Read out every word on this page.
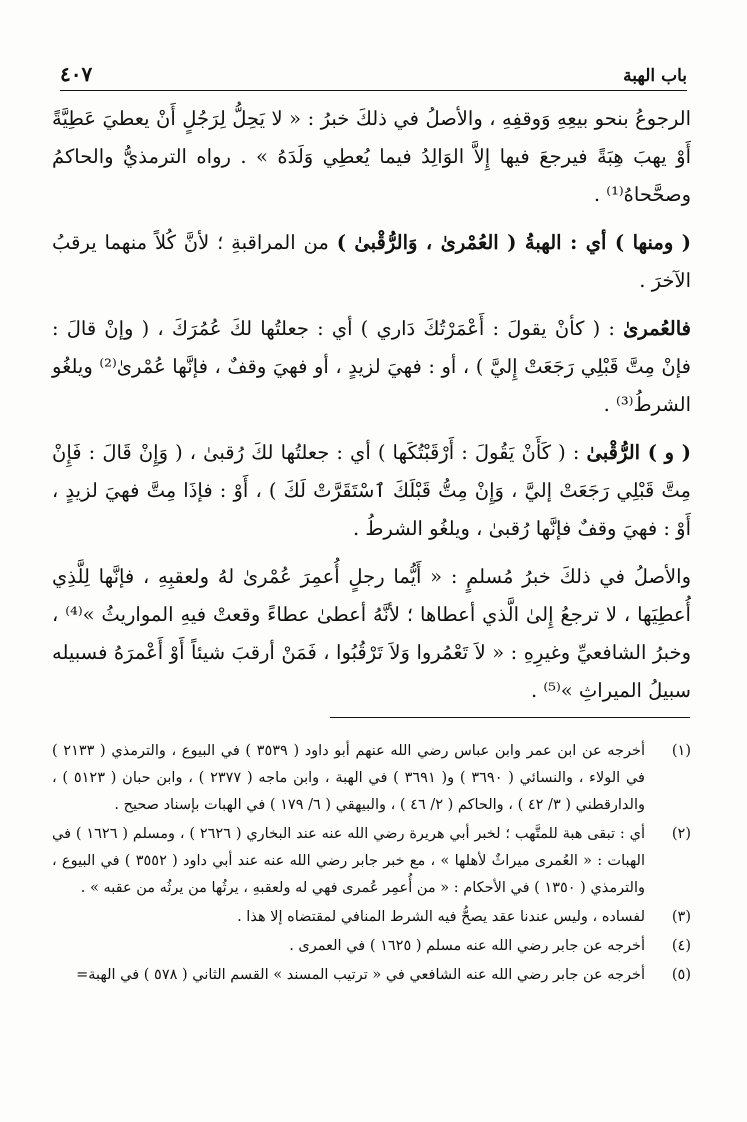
باب الهبة
٤٠٧

الرجوعُ بنحو بيعِهِ وَوقفِهِ ، والأصلُ في ذلكَ خبرُ : « لا يَحِلُّ لِرَجُلٍ أَنْ يعطيَ عَطِيَّةً أَوْ يهبَ هِبَةً فيرجعَ فيها إِلاَّ الوَالِدُ فيما يُعطِي وَلَدَهُ » . رواه الترمذيُّ والحاكمُ وصحَّحاهُ⁽¹⁾ .

( ومنها ) أي : الهبةُ ( العُمْرىٰ ، وَالرُّقْبىٰ ) من المراقبةِ ؛ لأنَّ كُلاً منهما يرقبُ الآخرَ .

فالعُمرىٰ : ( كأنْ يقولَ : أَعْمَرْتُكَ دَاري ) أي : جعلتُها لكَ عُمُرَكَ ، ( وإنْ قالَ : فإنْ مِتَّ قَبْلِي رَجَعَتْ إِليَّ ) ، أو : فهيَ لزيدٍ ، أو فهيَ وقفٌ ، فإنَّها عُمْرىٰ⁽²⁾ ويلغُو الشرطُ⁽³⁾ .

( و ) الرُّقْبىٰ : ( كَأَنْ يَقُولَ : أَرْقَبْتُكَها ) أي : جعلتُها لكَ رُقبىٰ ، ( وَإِنْ قَالَ : فَإِنْ مِتَّ قَبْلِي رَجَعَتْ إليَّ ، وَإِنْ مِتُّ قَبْلَكَ ٱسْتَقَرَّتْ لَكَ ) ، أَوْ : فإذَا مِتَّ فهيَ لزيدٍ ، أَوْ : فهيَ وقفٌ فإنَّها رُقبىٰ ، ويلغُو الشرطُ .

والأصلُ في ذلكَ خبرُ مُسلمٍ : « أَيُّما رجلٍ أُعمِرَ عُمْرىٰ لهُ ولعقبِهِ ، فإنَّها لِلَّذِي أُعطِيَها ، لا ترجعُ إِلىٰ الَّذي أعطاها ؛ لأنَّهُ أعطىٰ عطاءً وقعتْ فيهِ المواريثُ »⁽⁴⁾ ، وخبرُ الشافعيِّ وغيرِهِ : « لاَ تَعْمُروا وَلاَ تَرْقُبُوا ، فَمَنْ أرقبَ شيئاً أَوْ أَعْمرَهُ فسبيله سبيلُ الميراثِ »⁽⁵⁾ .

(١)
أخرجه عن ابن عمر وابن عباس رضي الله عنهم أبو داود ( ٣٥٣٩ ) في البيوع ، والترمذي ( ٢١٣٣ ) في الولاء ، والنسائي ( ٣٦٩٠ ) و( ٣٦٩١ ) في الهبة ، وابن ماجه ( ٢٣٧٧ ) ، وابن حبان ( ٥١٢٣ ) ، والدارقطني ( ٣/ ٤٢ ) ، والحاكم ( ٢/ ٤٦ ) ، والبيهقي ( ٦/ ١٧٩ ) في الهبات بإسناد صحيح .
(٢)
أي : تبقى هبة للمتَّهب ؛ لخبر أبي هريرة رضي الله عنه عند البخاري ( ٢٦٢٦ ) ، ومسلم ( ١٦٢٦ ) في الهبات : « العُمرى ميراثٌ لأهلها » ، مع خبر جابر رضي الله عنه عند أبي داود ( ٣٥٥٢ ) في البيوع ، والترمذي ( ١٣٥٠ ) في الأحكام : « من أُعمِر عُمرى فهي له ولعقبهِ ، يرثُها من يرثُه من عقبه » .
(٣)
لفساده ، وليس عندنا عقد يصحُّ فيه الشرط المنافي لمقتضاه إلا هذا .
(٤)
أخرجه عن جابر رضي الله عنه مسلم ( ١٦٢٥ ) في العمرى .
(٥)
أخرجه عن جابر رضي الله عنه الشافعي في « ترتيب المسند » القسم الثاني ( ٥٧٨ ) في الهبة=
